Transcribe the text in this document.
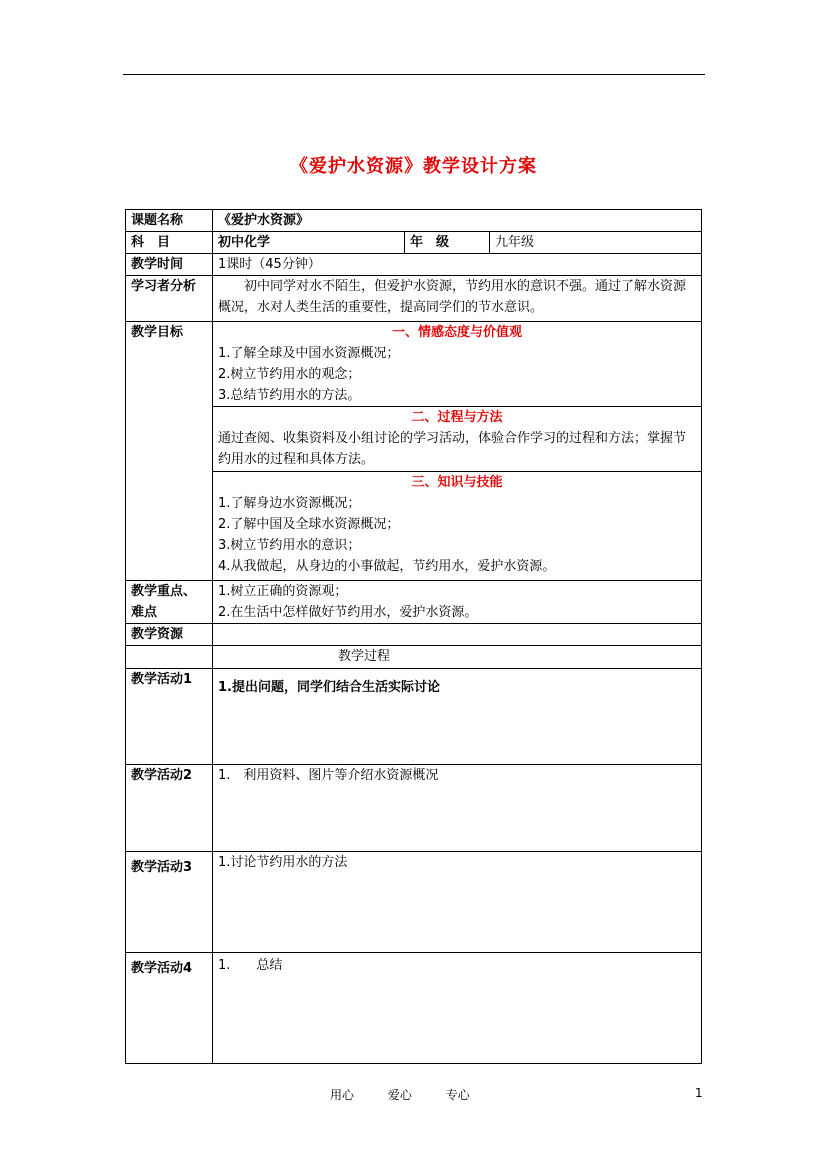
《爱护水资源》教学设计方案
课题名称	《爱护水资源》		
科　目	初中化学	年　级	九年级
教学时间	1课时（45分钟）		
学习者分析	初中同学对水不陌生，但爱护水资源，节约用水的意识不强。通过了解水资源概况，水对人类生活的重要性，提高同学们的节水意识。		
教学目标	一、情感态度与价值观
1.了解全球及中国水资源概况；
2.树立节约用水的观念；
3.总结节约用水的方法。		

	二、过程与方法
通过查阅、收集资料及小组讨论的学习活动，体验合作学习的过程和方法；掌握节约用水的过程和具体方法。		

	三、知识与技能
1.了解身边水资源概况；
2.了解中国及全球水资源概况；
3.树立节约用水的意识；
4.从我做起，从身边的小事做起，节约用水，爱护水资源。		

教学重点、难点	1.树立正确的资源观；
2.在生活中怎样做好节约用水，爱护水资源。		

教学资源			
	教学过程		
教学活动1	1.提出问题，同学们结合生活实际讨论		
教学活动2	1.　利用资料、图片等介绍水资源概况		
教学活动3	1.讨论节约用水的方法		
教学活动4	1.　　总结		
用心	爱心	专心	1
